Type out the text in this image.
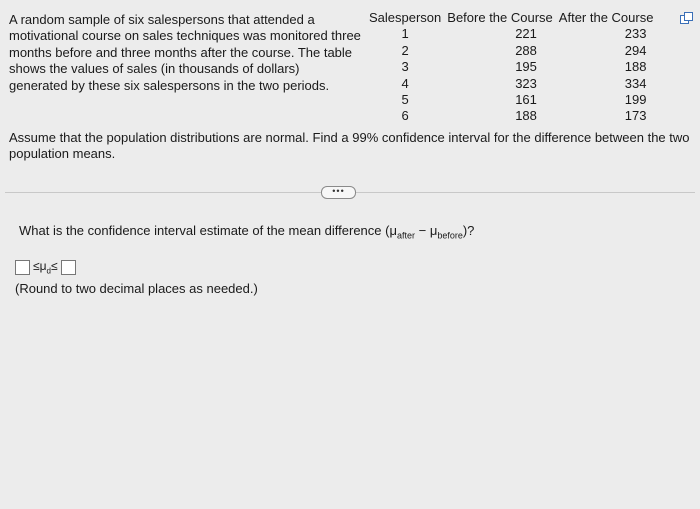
A random sample of six salespersons that attended a motivational course on sales techniques was monitored three months before and three months after the course. The table shows the values of sales (in thousands of dollars) generated by these six salespersons in the two periods.
Salesperson	Before the Course	After the Course
1	221	233
2	288	294
3	195	188
4	323	334
5	161	199
6	188	173
Assume that the population distributions are normal. Find a 99% confidence interval for the difference between the two population means.
•••
What is the confidence interval estimate of the mean difference $(\mu_{after} - \mu_{before})$?
$\le\mu_d\le$
(Round to two decimal places as needed.)
